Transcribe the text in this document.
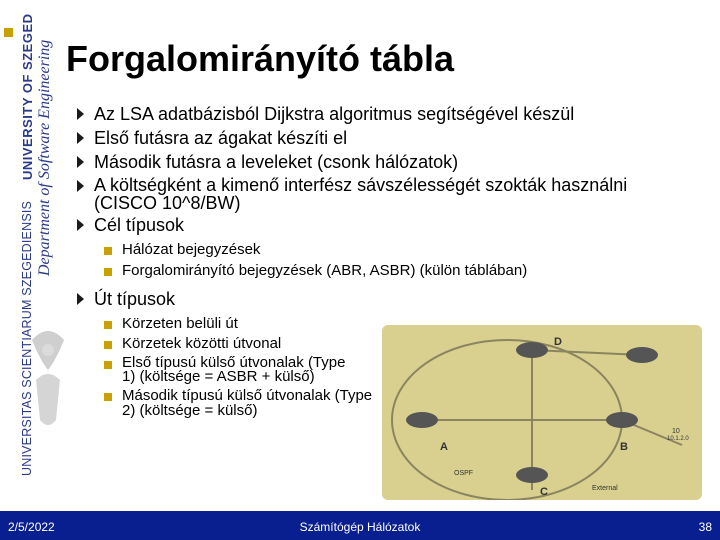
UNIVERSITAS SCIENTIARUM SZEGEDIENSIS
UNIVERSITY OF SZEGED Department of Software Engineering Forgalomirányító tábla
Az LSA adatbázisból Dijkstra algoritmus segítségével készül
Első futásra az ágakat készíti el
Második futásra a leveleket (csonk hálózatok)
A költségként a kimenő interfész sávszélességét szokták használni (CISCO 10^8/BW)
Cél típusok
Hálózat bejegyzések
Forgalomirányító bejegyzések (ABR, ASBR) (külön táblában)
Út típusok
Körzeten belüli út
Körzetek közötti útvonal
Első típusú külső útvonalak (Type 1) (költsége = ASBR + külső)
Második típusú külső útvonalak (Type 2) (költsége = külső)
A	B
C
D
OSPF
External
10
10.1.2.0
2/5/2022	Számítógép Hálózatok	38
